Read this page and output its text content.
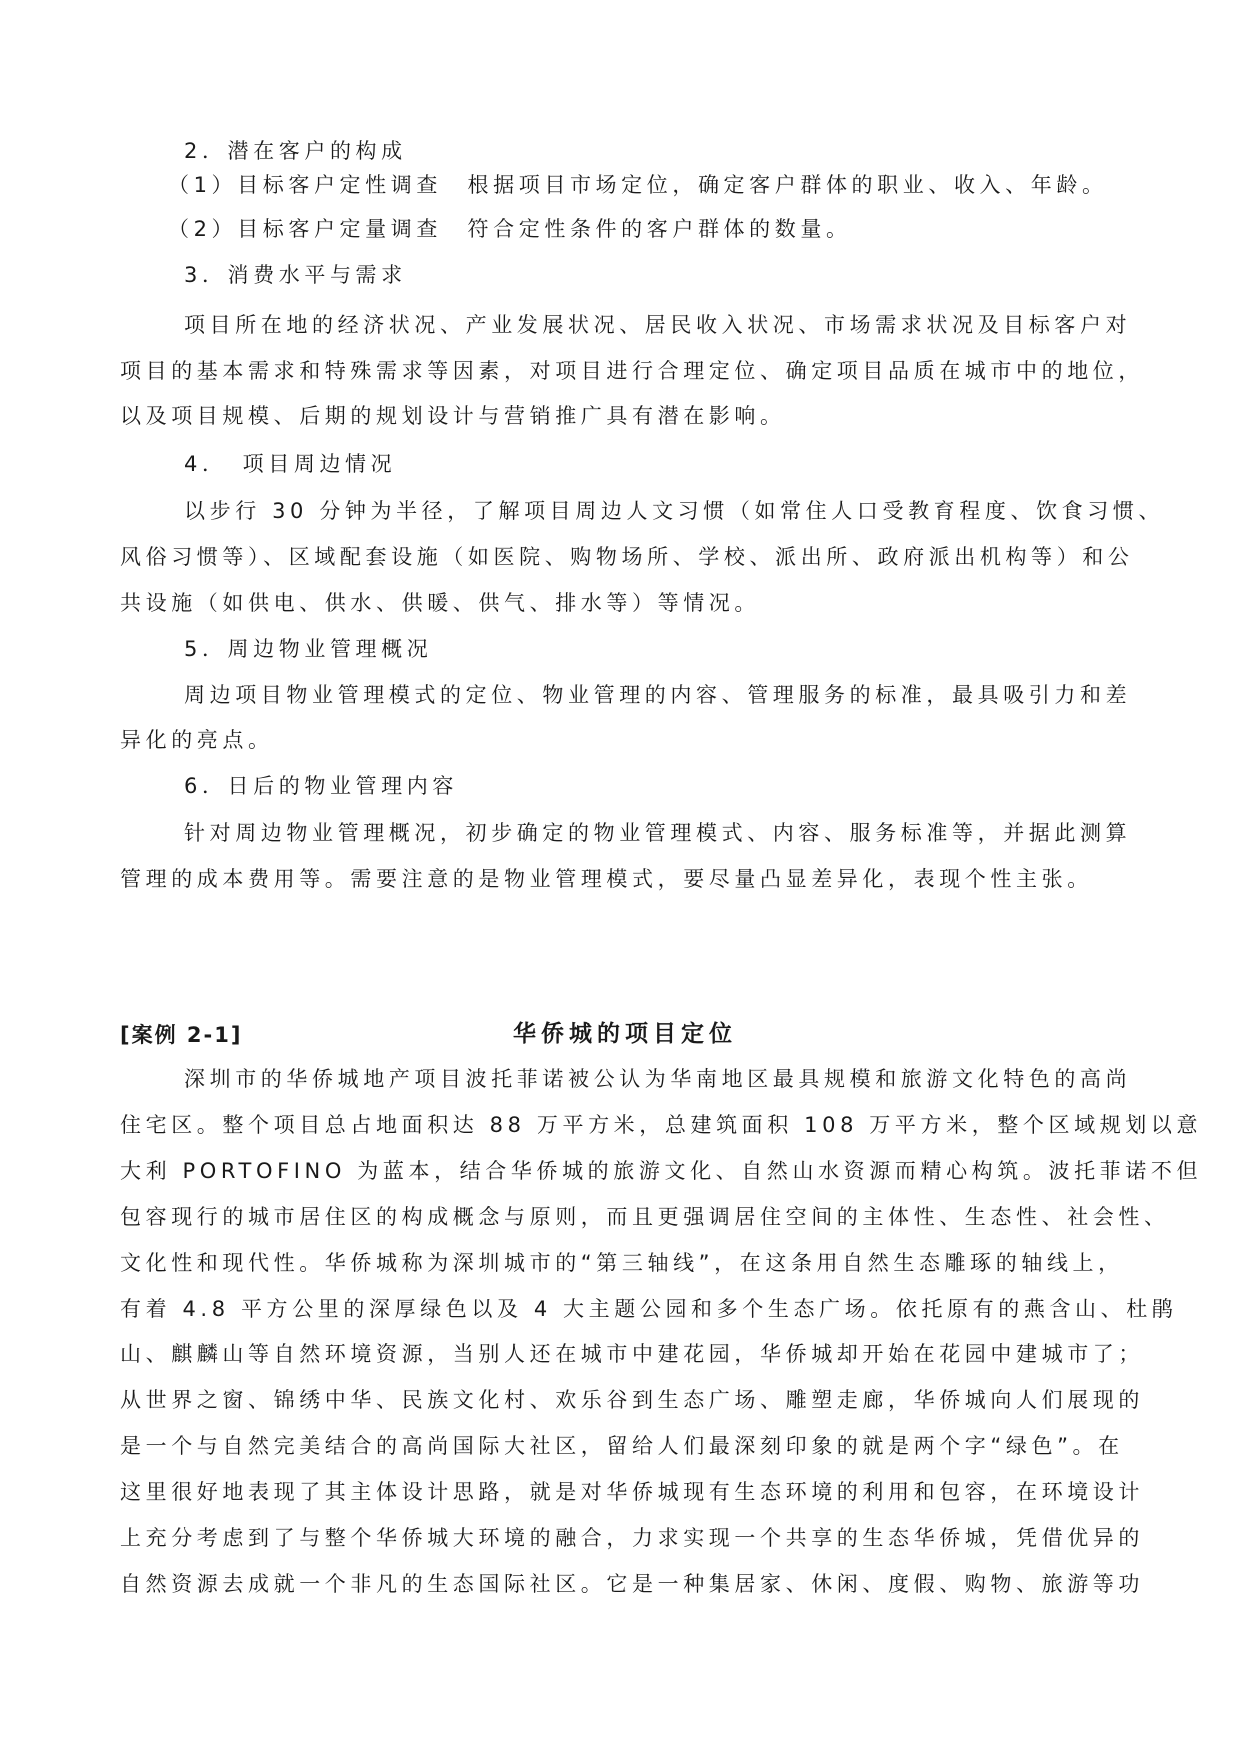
2．潜在客户的构成
（1）目标客户定性调查　根据项目市场定位，确定客户群体的职业、收入、年龄。
（2）目标客户定量调查　符合定性条件的客户群体的数量。
3．消费水平与需求
项目所在地的经济状况、产业发展状况、居民收入状况、市场需求状况及目标客户对
项目的基本需求和特殊需求等因素，对项目进行合理定位、确定项目品质在城市中的地位，
以及项目规模、后期的规划设计与营销推广具有潜在影响。
4．　项目周边情况
以步行 30 分钟为半径，了解项目周边人文习惯（如常住人口受教育程度、饮食习惯、
风俗习惯等）、区域配套设施（如医院、购物场所、学校、派出所、政府派出机构等）和公
共设施（如供电、供水、供暖、供气、排水等）等情况。
5．周边物业管理概况
周边项目物业管理模式的定位、物业管理的内容、管理服务的标准，最具吸引力和差
异化的亮点。
6．日后的物业管理内容
针对周边物业管理概况，初步确定的物业管理模式、内容、服务标准等，并据此测算
管理的成本费用等。需要注意的是物业管理模式，要尽量凸显差异化，表现个性主张。
[案例 2-1]	华侨城的项目定位
深圳市的华侨城地产项目波托菲诺被公认为华南地区最具规模和旅游文化特色的高尚
住宅区。整个项目总占地面积达 88 万平方米，总建筑面积 108 万平方米，整个区域规划以意
大利 PORTOFINO 为蓝本，结合华侨城的旅游文化、自然山水资源而精心构筑。波托菲诺不但
包容现行的城市居住区的构成概念与原则，而且更强调居住空间的主体性、生态性、社会性、
文化性和现代性。华侨城称为深圳城市的“第三轴线”，在这条用自然生态雕琢的轴线上，
有着 4.8 平方公里的深厚绿色以及 4 大主题公园和多个生态广场。依托原有的燕含山、杜鹃
山、麒麟山等自然环境资源，当别人还在城市中建花园，华侨城却开始在花园中建城市了；
从世界之窗、锦绣中华、民族文化村、欢乐谷到生态广场、雕塑走廊，华侨城向人们展现的
是一个与自然完美结合的高尚国际大社区，留给人们最深刻印象的就是两个字“绿色”。在
这里很好地表现了其主体设计思路，就是对华侨城现有生态环境的利用和包容，在环境设计
上充分考虑到了与整个华侨城大环境的融合，力求实现一个共享的生态华侨城，凭借优异的
自然资源去成就一个非凡的生态国际社区。它是一种集居家、休闲、度假、购物、旅游等功
